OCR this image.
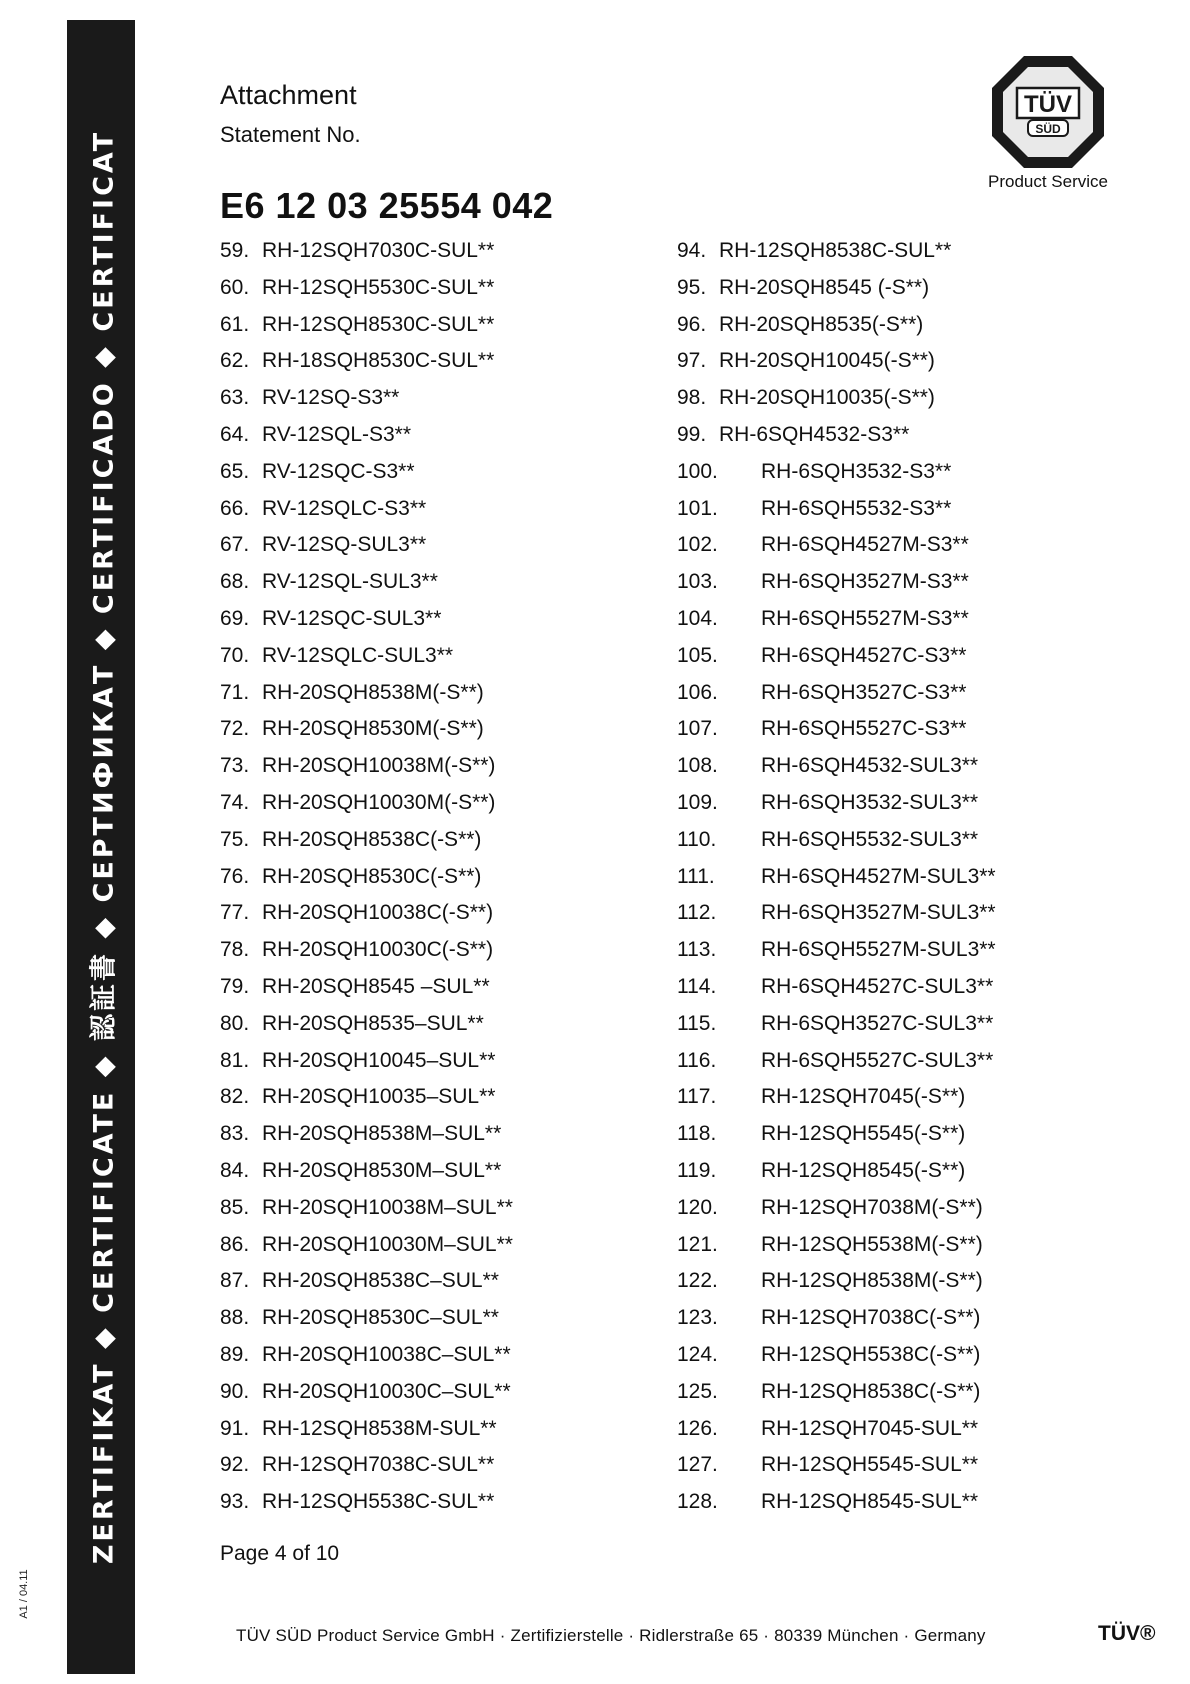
ZERTIFIKAT ◆ CERTIFICATE ◆ 認証書 ◆ СЕРТИФИКАТ ◆ CERTIFICADO ◆ CERTIFICAT
A1 / 04.11
Attachment
Statement No.
E6 12 03 25554 042
TÜV
SÜD
Product Service
59. RH-12SQH7030C-SUL**
60. RH-12SQH5530C-SUL**
61. RH-12SQH8530C-SUL**
62. RH-18SQH8530C-SUL**
63. RV-12SQ-S3**
64. RV-12SQL-S3**
65. RV-12SQC-S3**
66. RV-12SQLC-S3**
67. RV-12SQ-SUL3**
68. RV-12SQL-SUL3**
69. RV-12SQC-SUL3**
70. RV-12SQLC-SUL3**
71. RH-20SQH8538M(-S**)
72. RH-20SQH8530M(-S**)
73. RH-20SQH10038M(-S**)
74. RH-20SQH10030M(-S**)
75. RH-20SQH8538C(-S**)
76. RH-20SQH8530C(-S**)
77. RH-20SQH10038C(-S**)
78. RH-20SQH10030C(-S**)
79. RH-20SQH8545 –SUL**
80. RH-20SQH8535–SUL**
81. RH-20SQH10045–SUL**
82. RH-20SQH10035–SUL**
83. RH-20SQH8538M–SUL**
84. RH-20SQH8530M–SUL**
85. RH-20SQH10038M–SUL**
86. RH-20SQH10030M–SUL**
87. RH-20SQH8538C–SUL**
88. RH-20SQH8530C–SUL**
89. RH-20SQH10038C–SUL**
90. RH-20SQH10030C–SUL**
91. RH-12SQH8538M-SUL**
92. RH-12SQH7038C-SUL**
93. RH-12SQH5538C-SUL**
94. RH-12SQH8538C-SUL**
95. RH-20SQH8545 (-S**)
96. RH-20SQH8535(-S**)
97. RH-20SQH10045(-S**)
98. RH-20SQH10035(-S**)
99. RH-6SQH4532-S3**
100. RH-6SQH3532-S3**
101. RH-6SQH5532-S3**
102. RH-6SQH4527M-S3**
103. RH-6SQH3527M-S3**
104. RH-6SQH5527M-S3**
105. RH-6SQH4527C-S3**
106. RH-6SQH3527C-S3**
107. RH-6SQH5527C-S3**
108. RH-6SQH4532-SUL3**
109. RH-6SQH3532-SUL3**
110. RH-6SQH5532-SUL3**
111. RH-6SQH4527M-SUL3**
112. RH-6SQH3527M-SUL3**
113. RH-6SQH5527M-SUL3**
114. RH-6SQH4527C-SUL3**
115. RH-6SQH3527C-SUL3**
116. RH-6SQH5527C-SUL3**
117. RH-12SQH7045(-S**)
118. RH-12SQH5545(-S**)
119. RH-12SQH8545(-S**)
120. RH-12SQH7038M(-S**)
121. RH-12SQH5538M(-S**)
122. RH-12SQH8538M(-S**)
123. RH-12SQH7038C(-S**)
124. RH-12SQH5538C(-S**)
125. RH-12SQH8538C(-S**)
126. RH-12SQH7045-SUL**
127. RH-12SQH5545-SUL**
128. RH-12SQH8545-SUL**
Page 4 of 10
TÜV SÜD Product Service GmbH · Zertifizierstelle · Ridlerstraße 65 · 80339 München · Germany	TÜV®
